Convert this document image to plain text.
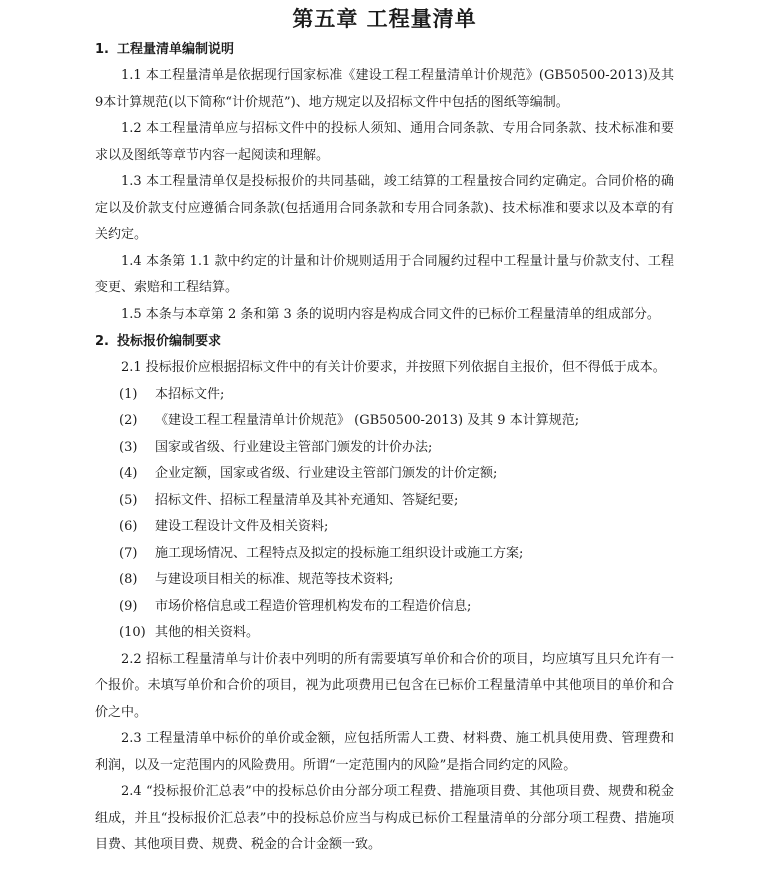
第五章 工程量清单
1. 工程量清单编制说明

1.1 本工程量清单是依据现行国家标准《建设工程工程量清单计价规范》(GB50500-2013)及其9本计算规范(以下简称“计价规范”)、地方规定以及招标文件中包括的图纸等编制。

1.2 本工程量清单应与招标文件中的投标人须知、通用合同条款、专用合同条款、技术标准和要求以及图纸等章节内容一起阅读和理解。

1.3 本工程量清单仅是投标报价的共同基础，竣工结算的工程量按合同约定确定。合同价格的确定以及价款支付应遵循合同条款(包括通用合同条款和专用合同条款)、技术标准和要求以及本章的有关约定。

1.4 本条第 1.1 款中约定的计量和计价规则适用于合同履约过程中工程量计量与价款支付、工程变更、索赔和工程结算。

1.5 本条与本章第 2 条和第 3 条的说明内容是构成合同文件的已标价工程量清单的组成部分。

2. 投标报价编制要求

2.1 投标报价应根据招标文件中的有关计价要求，并按照下列依据自主报价，但不得低于成本。

(1) 本招标文件;
(2) 《建设工程工程量清单计价规范》 (GB50500-2013) 及其 9 本计算规范;
(3) 国家或省级、行业建设主管部门颁发的计价办法;
(4) 企业定额，国家或省级、行业建设主管部门颁发的计价定额;
(5) 招标文件、招标工程量清单及其补充通知、答疑纪要;
(6) 建设工程设计文件及相关资料;
(7) 施工现场情况、工程特点及拟定的投标施工组织设计或施工方案;
(8) 与建设项目相关的标准、规范等技术资料;
(9) 市场价格信息或工程造价管理机构发布的工程造价信息;
(10) 其他的相关资料。

2.2 招标工程量清单与计价表中列明的所有需要填写单价和合价的项目，均应填写且只允许有一个报价。未填写单价和合价的项目，视为此项费用已包含在已标价工程量清单中其他项目的单价和合价之中。

2.3 工程量清单中标价的单价或金额，应包括所需人工费、材料费、施工机具使用费、管理费和利润，以及一定范围内的风险费用。所谓“一定范围内的风险”是指合同约定的风险。

2.4 “投标报价汇总表”中的投标总价由分部分项工程费、措施项目费、其他项目费、规费和税金组成，并且“投标报价汇总表”中的投标总价应当与构成已标价工程量清单的分部分项工程费、措施项目费、其他项目费、规费、税金的合计金额一致。
